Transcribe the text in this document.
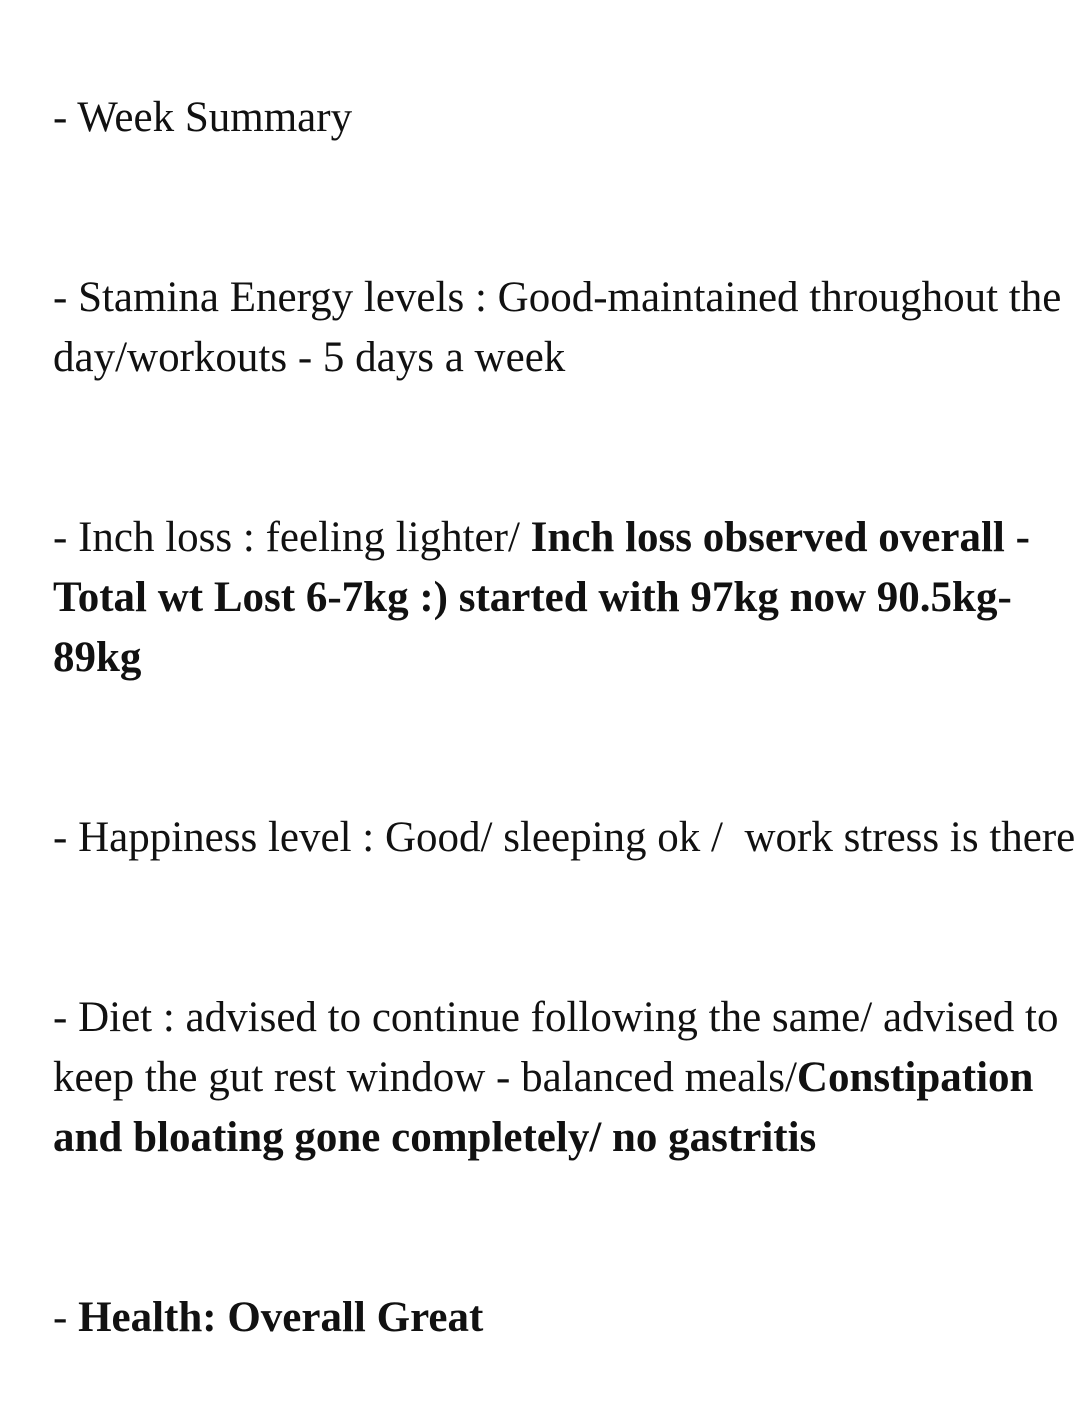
- Week Summary

- Stamina Energy levels : Good-maintained throughout the day/workouts - 5 days a week

- Inch loss : feeling lighter/ Inch loss observed overall - Total wt Lost 6-7kg :) started with 97kg now 90.5kg-89kg

- Happiness level : Good/ sleeping ok /  work stress is there

- Diet : advised to continue following the same/ advised to keep the gut rest window - balanced meals/Constipation and bloating gone completely/ no gastritis

- Health: Overall Great
